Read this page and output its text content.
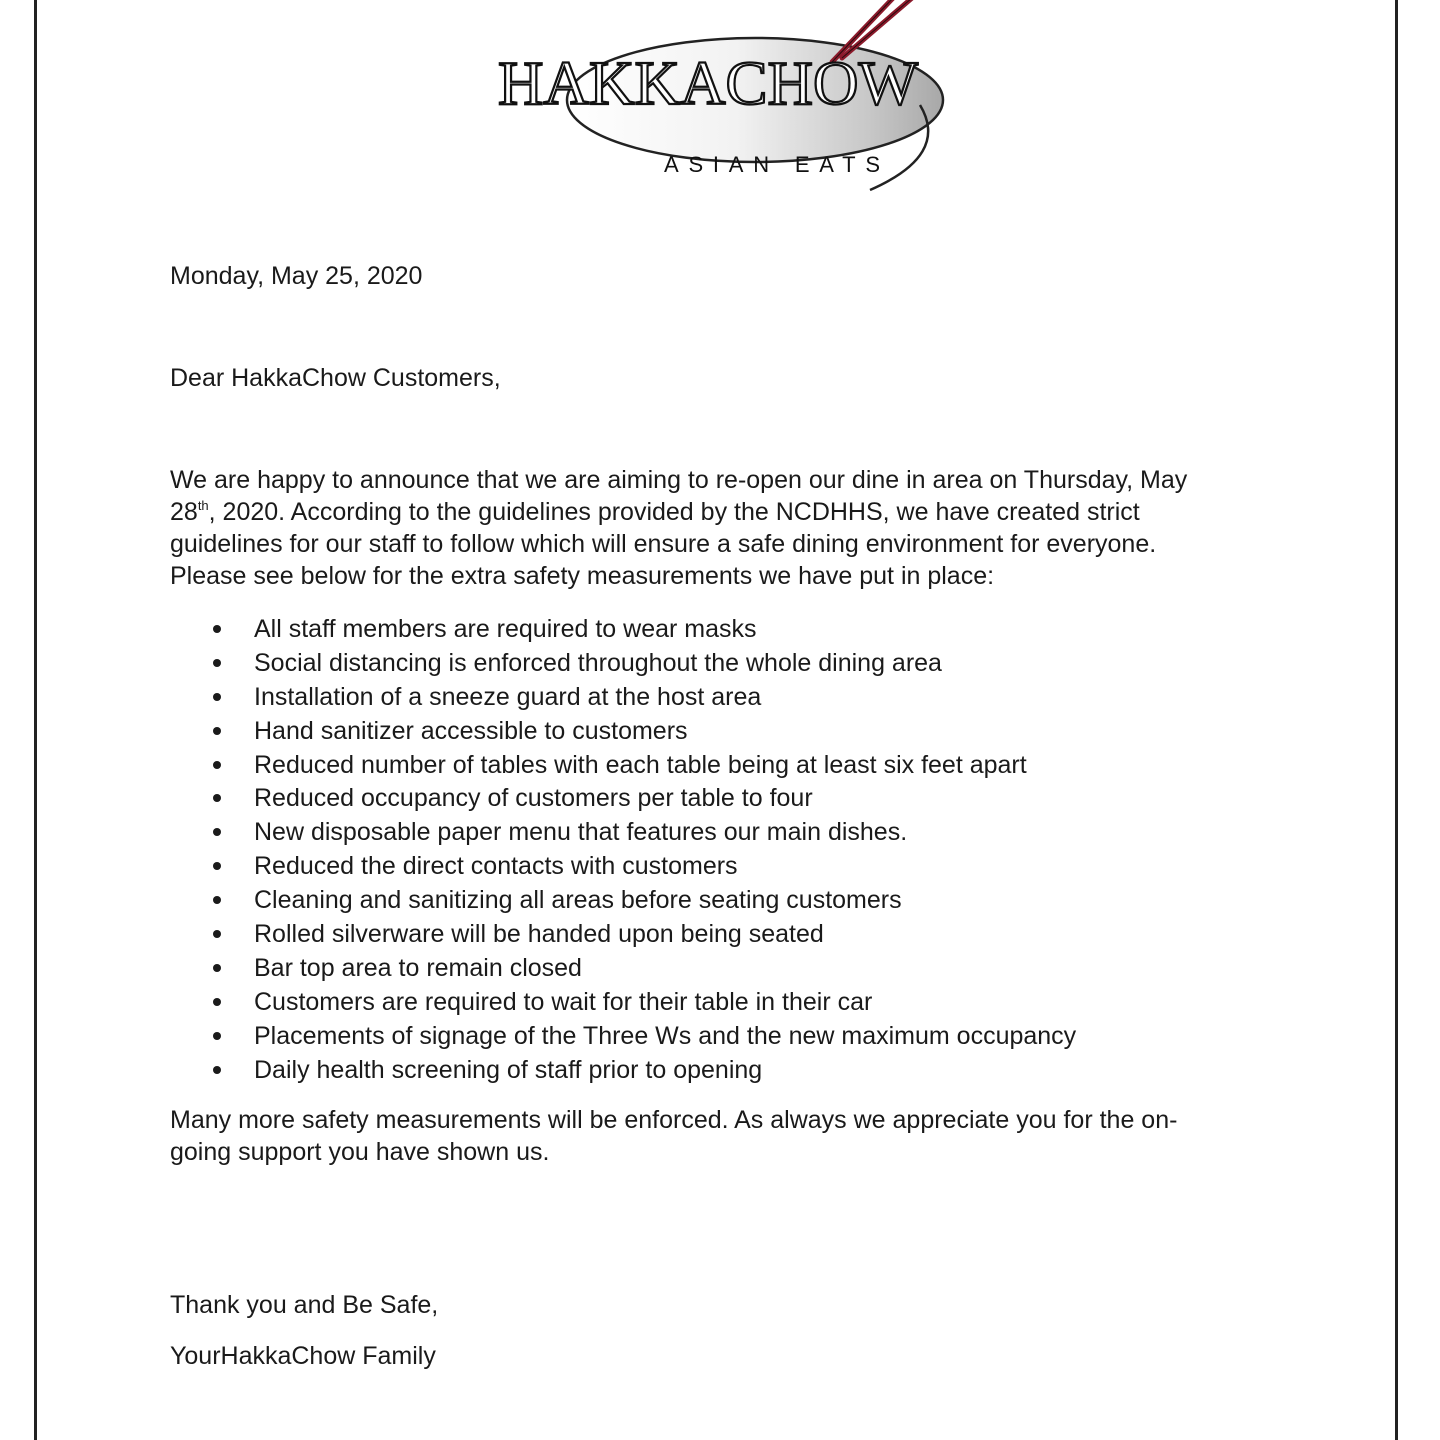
HAKKACHOW
ASIAN EATS
Monday, May 25, 2020
Dear HakkaChow Customers,
We are happy to announce that we are aiming to re-open our dine in area on Thursday, May
28th, 2020. According to the guidelines provided by the NCDHHS, we have created strict
guidelines for our staff to follow which will ensure a safe dining environment for everyone.
Please see below for the extra safety measurements we have put in place:
All staff members are required to wear masks
Social distancing is enforced throughout the whole dining area
Installation of a sneeze guard at the host area
Hand sanitizer accessible to customers
Reduced number of tables with each table being at least six feet apart
Reduced occupancy of customers per table to four
New disposable paper menu that features our main dishes.
Reduced the direct contacts with customers
Cleaning and sanitizing all areas before seating customers
Rolled silverware will be handed upon being seated
Bar top area to remain closed
Customers are required to wait for their table in their car
Placements of signage of the Three Ws and the new maximum occupancy
Daily health screening of staff prior to opening
Many more safety measurements will be enforced. As always we appreciate you for the on-
going support you have shown us.
Thank you and Be Safe,
YourHakkaChow Family
